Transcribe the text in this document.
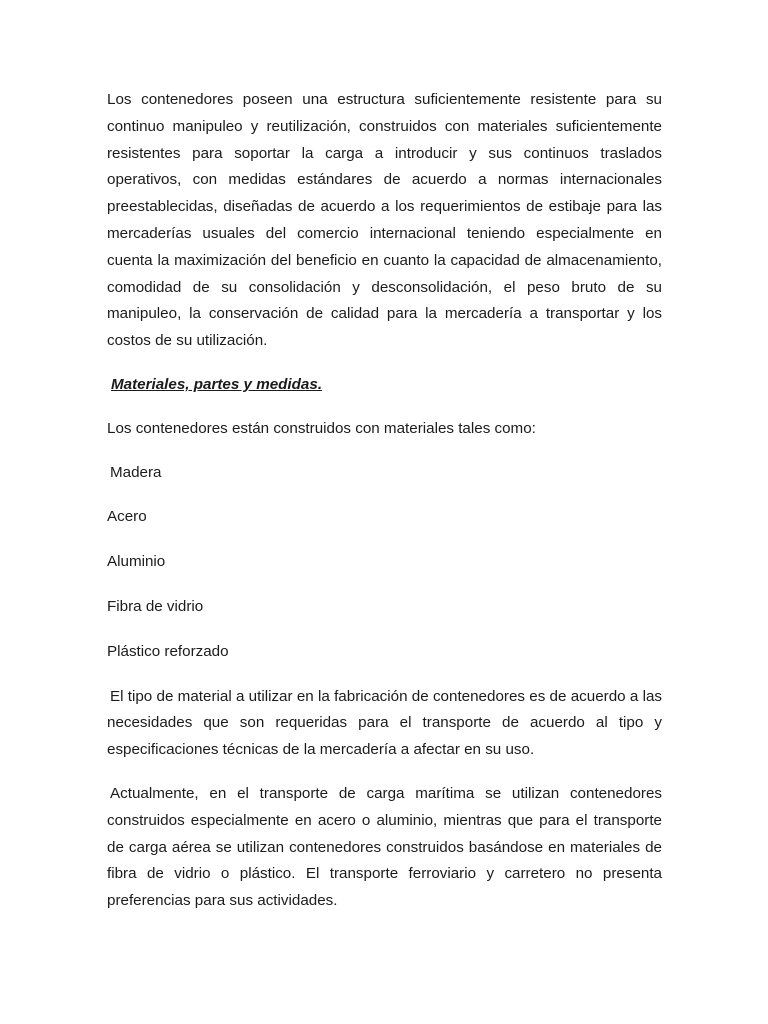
Los contenedores poseen una estructura suficientemente resistente para su continuo manipuleo y reutilización, construidos con materiales suficientemente resistentes para soportar la carga a introducir y sus continuos traslados operativos, con medidas estándares de acuerdo a normas internacionales preestablecidas, diseñadas de acuerdo a los requerimientos de estibaje para las mercaderías usuales del comercio internacional teniendo especialmente en cuenta la maximización del beneficio en cuanto la capacidad de almacenamiento, comodidad de su consolidación y desconsolidación, el peso bruto de su manipuleo, la conservación de calidad para la mercadería a transportar y los costos de su utilización.

Materiales, partes y medidas.

Los contenedores están construidos con materiales tales como:

Madera

Acero

Aluminio

Fibra de vidrio

Plástico reforzado

El tipo de material a utilizar en la fabricación de contenedores es de acuerdo a las necesidades que son requeridas para el transporte de acuerdo al tipo y especificaciones técnicas de la mercadería a afectar en su uso.

Actualmente, en el transporte de carga marítima se utilizan contenedores construidos especialmente en acero o aluminio, mientras que para el transporte de carga aérea se utilizan contenedores construidos basándose en materiales de fibra de vidrio o plástico. El transporte ferroviario y carretero no presenta preferencias para sus actividades.
